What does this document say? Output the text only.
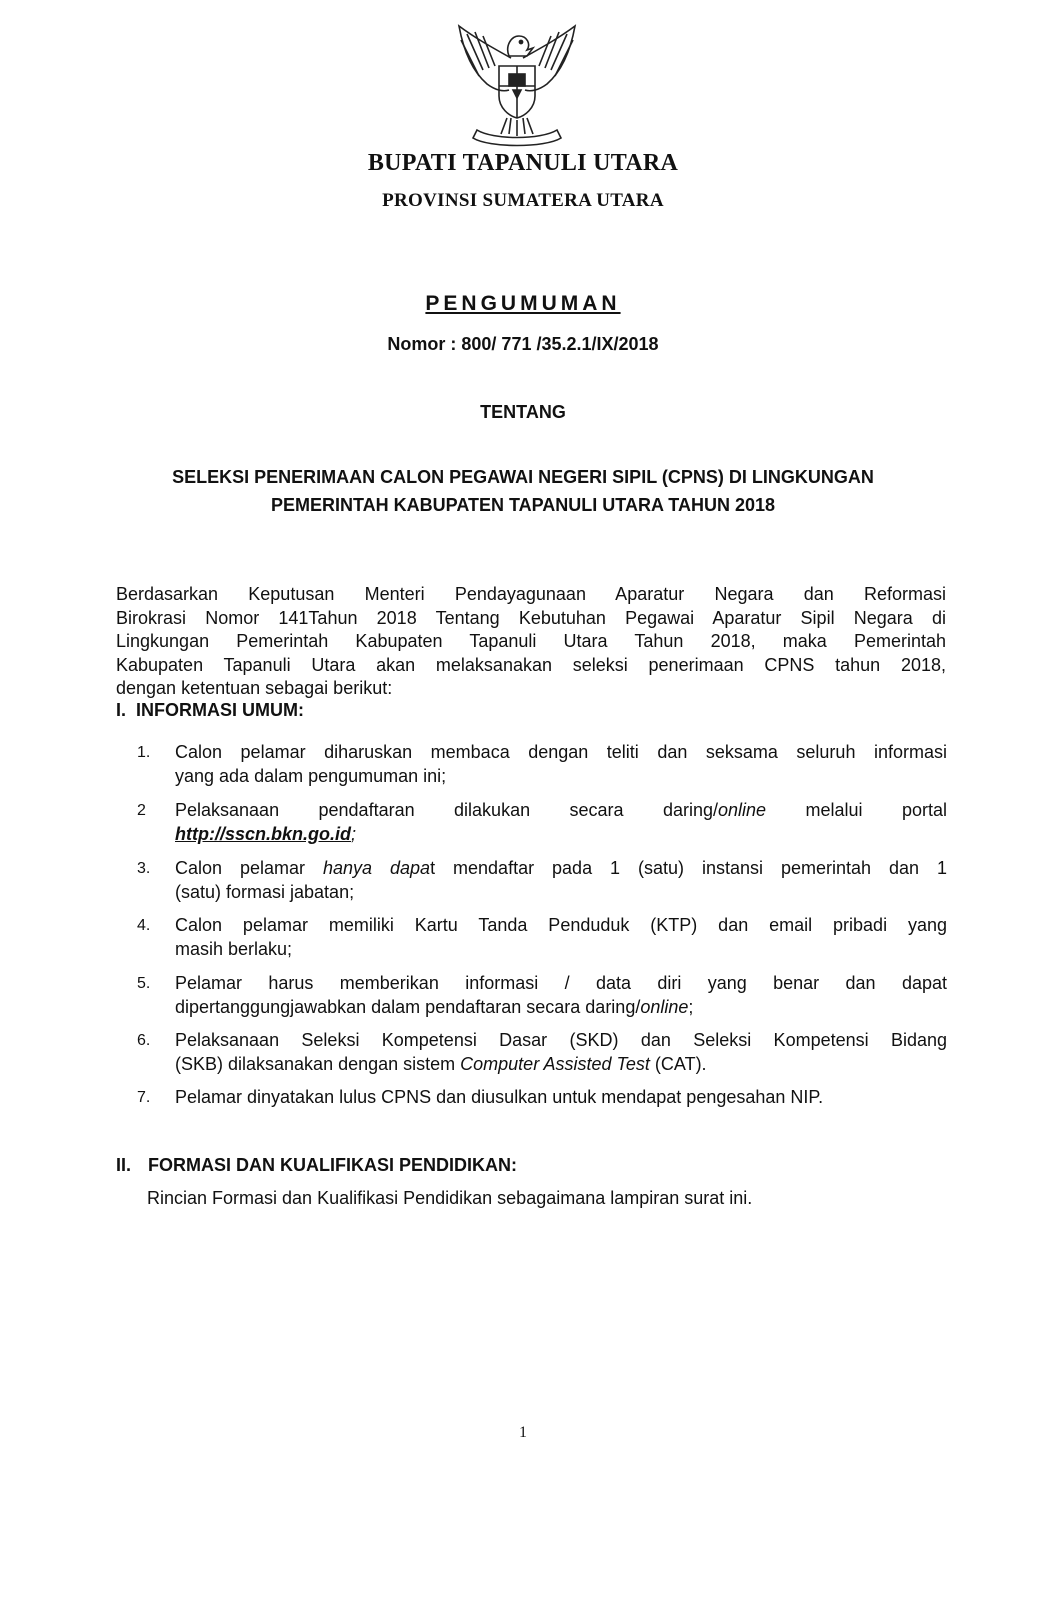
BUPATI TAPANULI UTARA
PROVINSI SUMATERA UTARA
PENGUMUMAN
Nomor : 800/ 771 /35.2.1/IX/2018
TENTANG
SELEKSI PENERIMAAN CALON PEGAWAI NEGERI SIPIL (CPNS) DI LINGKUNGAN
PEMERINTAH KABUPATEN TAPANULI UTARA TAHUN 2018
Berdasarkan Keputusan Menteri Pendayagunaan Aparatur Negara dan Reformasi
Birokrasi Nomor 141Tahun 2018 Tentang Kebutuhan Pegawai Aparatur Sipil Negara di
Lingkungan Pemerintah Kabupaten Tapanuli Utara Tahun 2018, maka Pemerintah
Kabupaten Tapanuli Utara akan melaksanakan seleksi penerimaan CPNS tahun 2018,
dengan ketentuan sebagai berikut:
I. INFORMASI UMUM:
1.	Calon pelamar diharuskan membaca dengan teliti dan seksama seluruh informasi
yang ada dalam pengumuman ini;
2	Pelaksanaan pendaftaran dilakukan secara daring/online melalui portal
http://sscn.bkn.go.id;
3.	Calon pelamar hanya dapat mendaftar pada 1 (satu) instansi pemerintah dan 1
(satu) formasi jabatan;
4.	Calon pelamar memiliki Kartu Tanda Penduduk (KTP) dan email pribadi yang
masih berlaku;
5.	Pelamar harus memberikan informasi / data diri yang benar dan dapat
dipertanggungjawabkan dalam pendaftaran secara daring/online;
6.	Pelaksanaan Seleksi Kompetensi Dasar (SKD) dan Seleksi Kompetensi Bidang
(SKB) dilaksanakan dengan sistem Computer Assisted Test (CAT).
7.	Pelamar dinyatakan lulus CPNS dan diusulkan untuk mendapat pengesahan NIP.
II. FORMASI DAN KUALIFIKASI PENDIDIKAN:
Rincian Formasi dan Kualifikasi Pendidikan sebagaimana lampiran surat ini.
1
